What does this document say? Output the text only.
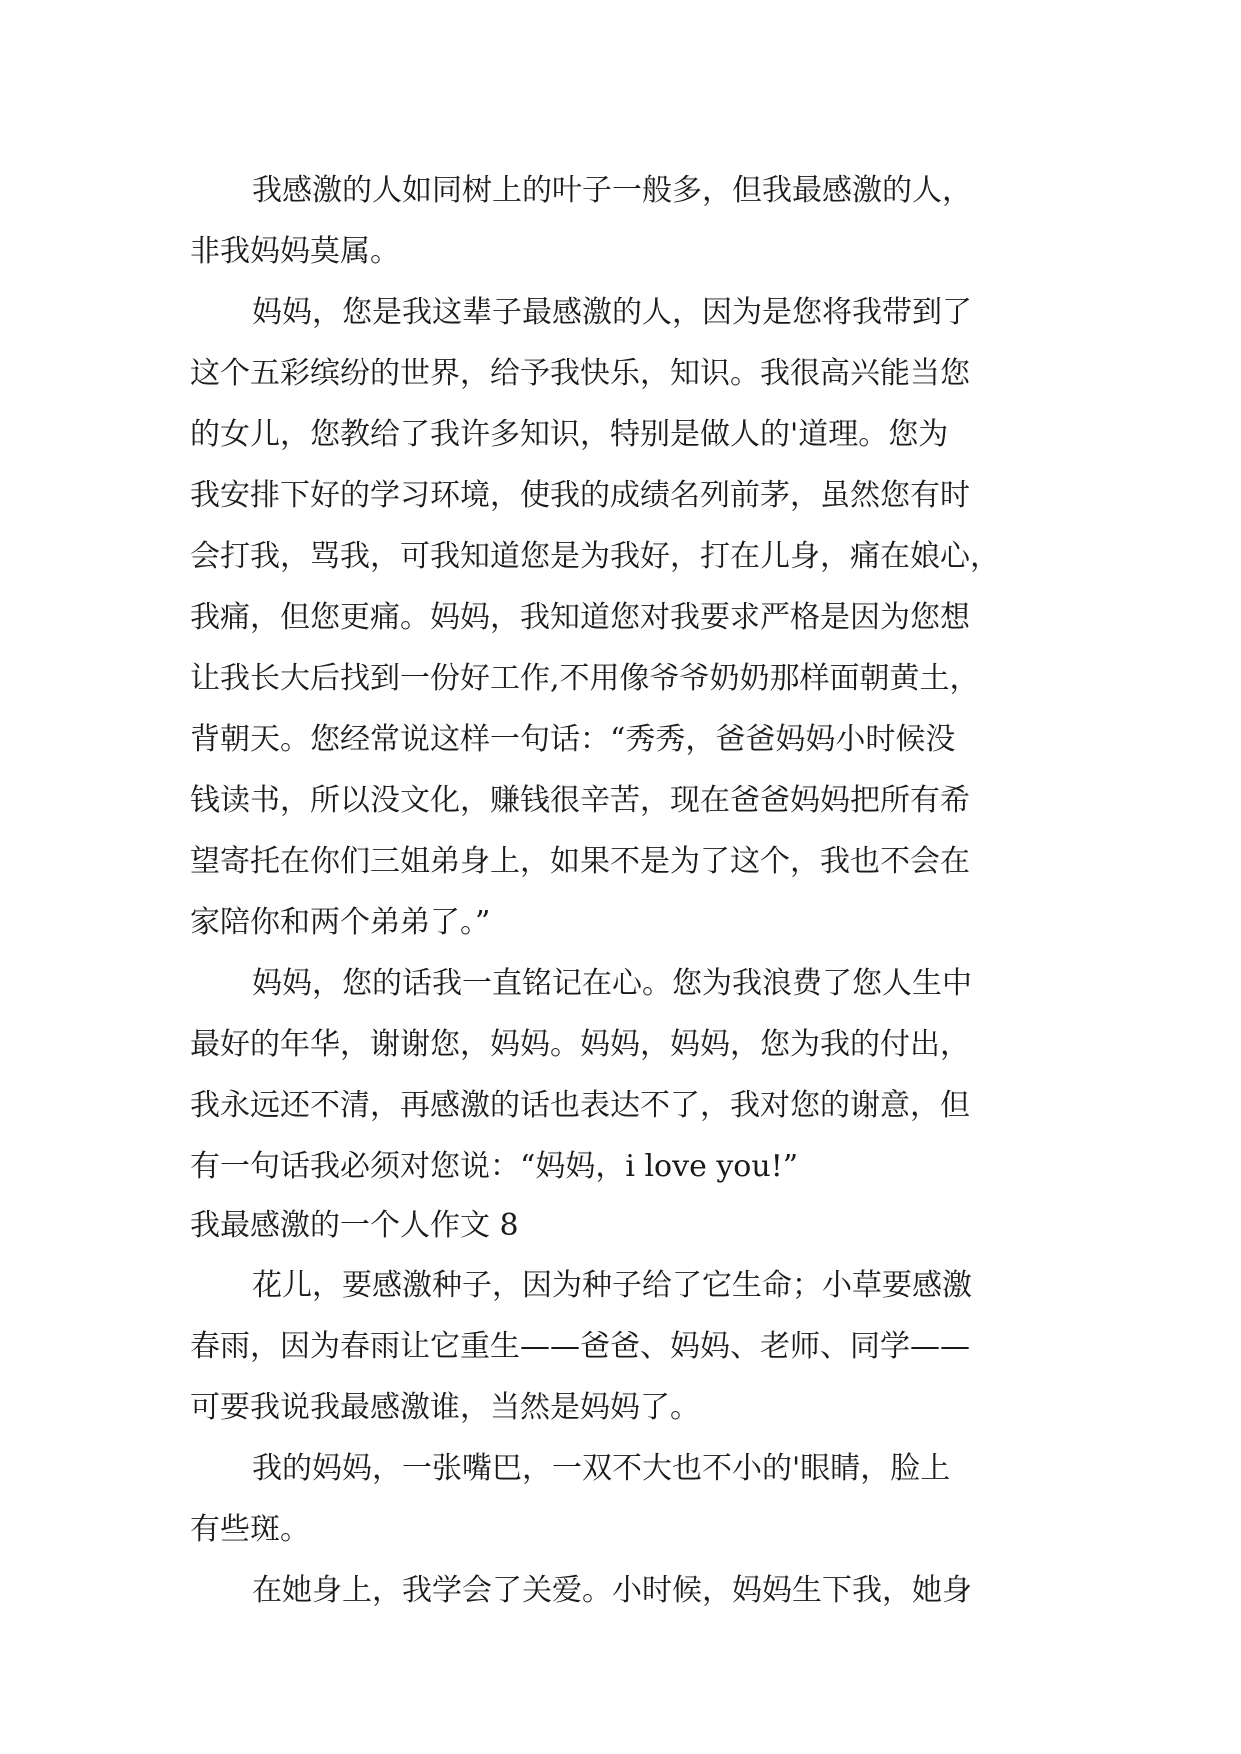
我感激的人如同树上的叶子一般多，但我最感激的人，

非我妈妈莫属。

妈妈，您是我这辈子最感激的人，因为是您将我带到了

这个五彩缤纷的世界，给予我快乐，知识。我很高兴能当您

的女儿，您教给了我许多知识，特别是做人的'道理。您为

我安排下好的学习环境，使我的成绩名列前茅，虽然您有时

会打我，骂我，可我知道您是为我好，打在儿身，痛在娘心，

我痛，但您更痛。妈妈，我知道您对我要求严格是因为您想

让我长大后找到一份好工作,不用像爷爷奶奶那样面朝黄土，

背朝天。您经常说这样一句话：“秀秀，爸爸妈妈小时候没

钱读书，所以没文化，赚钱很辛苦，现在爸爸妈妈把所有希

望寄托在你们三姐弟身上，如果不是为了这个，我也不会在

家陪你和两个弟弟了。”

妈妈，您的话我一直铭记在心。您为我浪费了您人生中

最好的年华，谢谢您，妈妈。妈妈，妈妈，您为我的付出，

我永远还不清，再感激的话也表达不了，我对您的谢意，但

有一句话我必须对您说：“妈妈，i love you!”

我最感激的一个人作文 8

花儿，要感激种子，因为种子给了它生命；小草要感激

春雨，因为春雨让它重生——爸爸、妈妈、老师、同学——

可要我说我最感激谁，当然是妈妈了。

我的妈妈，一张嘴巴，一双不大也不小的'眼睛，脸上

有些斑。

在她身上，我学会了关爱。小时候，妈妈生下我，她身
